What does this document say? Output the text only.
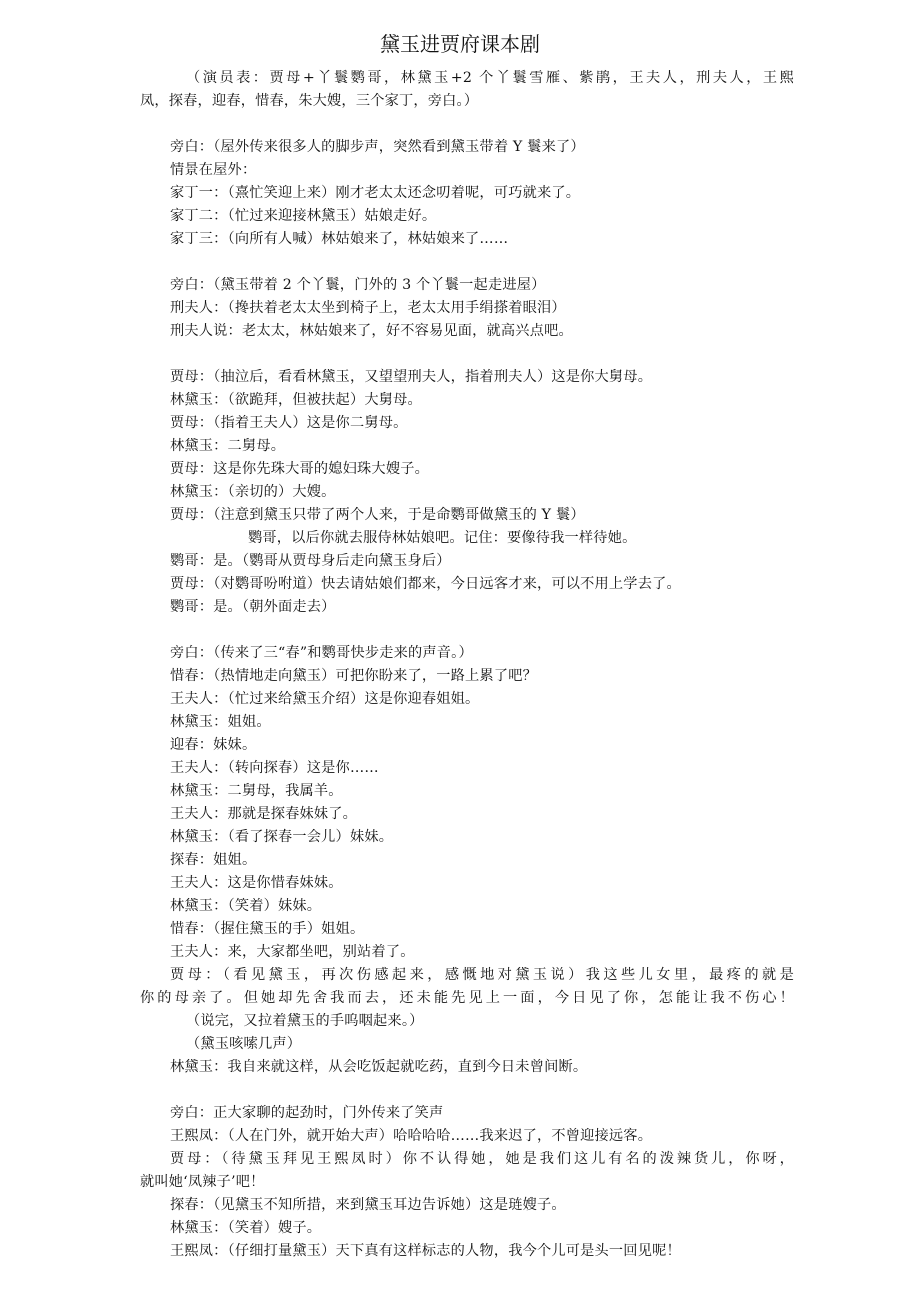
黛玉进贾府课本剧
（演员表：贾母+丫鬟鹦哥，林黛玉+2 个丫鬟雪雁、紫鹃，王夫人，刑夫人，王熙
凤，探春，迎春，惜春，朱大嫂，三个家丁，旁白。）
旁白：（屋外传来很多人的脚步声，突然看到黛玉带着 Y 鬟来了）
情景在屋外：
家丁一：（熹忙笑迎上来）刚才老太太还念叨着呢，可巧就来了。
家丁二：（忙过来迎接林黛玉）姑娘走好。
家丁三：（向所有人喊）林姑娘来了，林姑娘来了……
旁白：（黛玉带着 2 个丫鬟，门外的 3 个丫鬟一起走进屋）
刑夫人：（搀扶着老太太坐到椅子上，老太太用手绢搽着眼泪）
刑夫人说：老太太，林姑娘来了，好不容易见面，就高兴点吧。
贾母：（抽泣后，看看林黛玉，又望望刑夫人，指着刑夫人）这是你大舅母。
林黛玉：（欲跪拜，但被扶起）大舅母。
贾母：（指着王夫人）这是你二舅母。
林黛玉：二舅母。
贾母：这是你先珠大哥的媳妇珠大嫂子。
林黛玉：（亲切的）大嫂。
贾母：（注意到黛玉只带了两个人来，于是命鹦哥做黛玉的 Y 鬟）
鹦哥，以后你就去服侍林姑娘吧。记住：要像待我一样待她。
鹦哥：是。（鹦哥从贾母身后走向黛玉身后）
贾母：（对鹦哥吩咐道）快去请姑娘们都来，今日远客才来，可以不用上学去了。
鹦哥：是。（朝外面走去）
旁白：（传来了三“春”和鹦哥快步走来的声音。）
惜春：（热情地走向黛玉）可把你盼来了，一路上累了吧？
王夫人：（忙过来给黛玉介绍）这是你迎春姐姐。
林黛玉：姐姐。
迎春：妹妹。
王夫人：（转向探春）这是你……
林黛玉：二舅母，我属羊。
王夫人：那就是探春妹妹了。
林黛玉：（看了探春一会儿）妹妹。
探春：姐姐。
王夫人：这是你惜春妹妹。
林黛玉：（笑着）妹妹。
惜春：（握住黛玉的手）姐姐。
王夫人：来，大家都坐吧，别站着了。
贾母：（看见黛玉，再次伤感起来，感慨地对黛玉说）我这些儿女里，最疼的就是
你的母亲了。但她却先舍我而去，还未能先见上一面，今日见了你，怎能让我不伤心！
（说完，又拉着黛玉的手呜咽起来。）
（黛玉咳嗦几声）
林黛玉：我自来就这样，从会吃饭起就吃药，直到今日未曾间断。
旁白：正大家聊的起劲时，门外传来了笑声
王熙凤：（人在门外，就开始大声）哈哈哈哈……我来迟了，不曾迎接远客。
贾母：（待黛玉拜见王熙凤时）你不认得她，她是我们这儿有名的泼辣货儿，你呀，
就叫她‘凤辣子’吧！
探春：（见黛玉不知所措，来到黛玉耳边告诉她）这是琏嫂子。
林黛玉：（笑着）嫂子。
王熙凤：（仔细打量黛玉）天下真有这样标志的人物，我今个儿可是头一回见呢！
